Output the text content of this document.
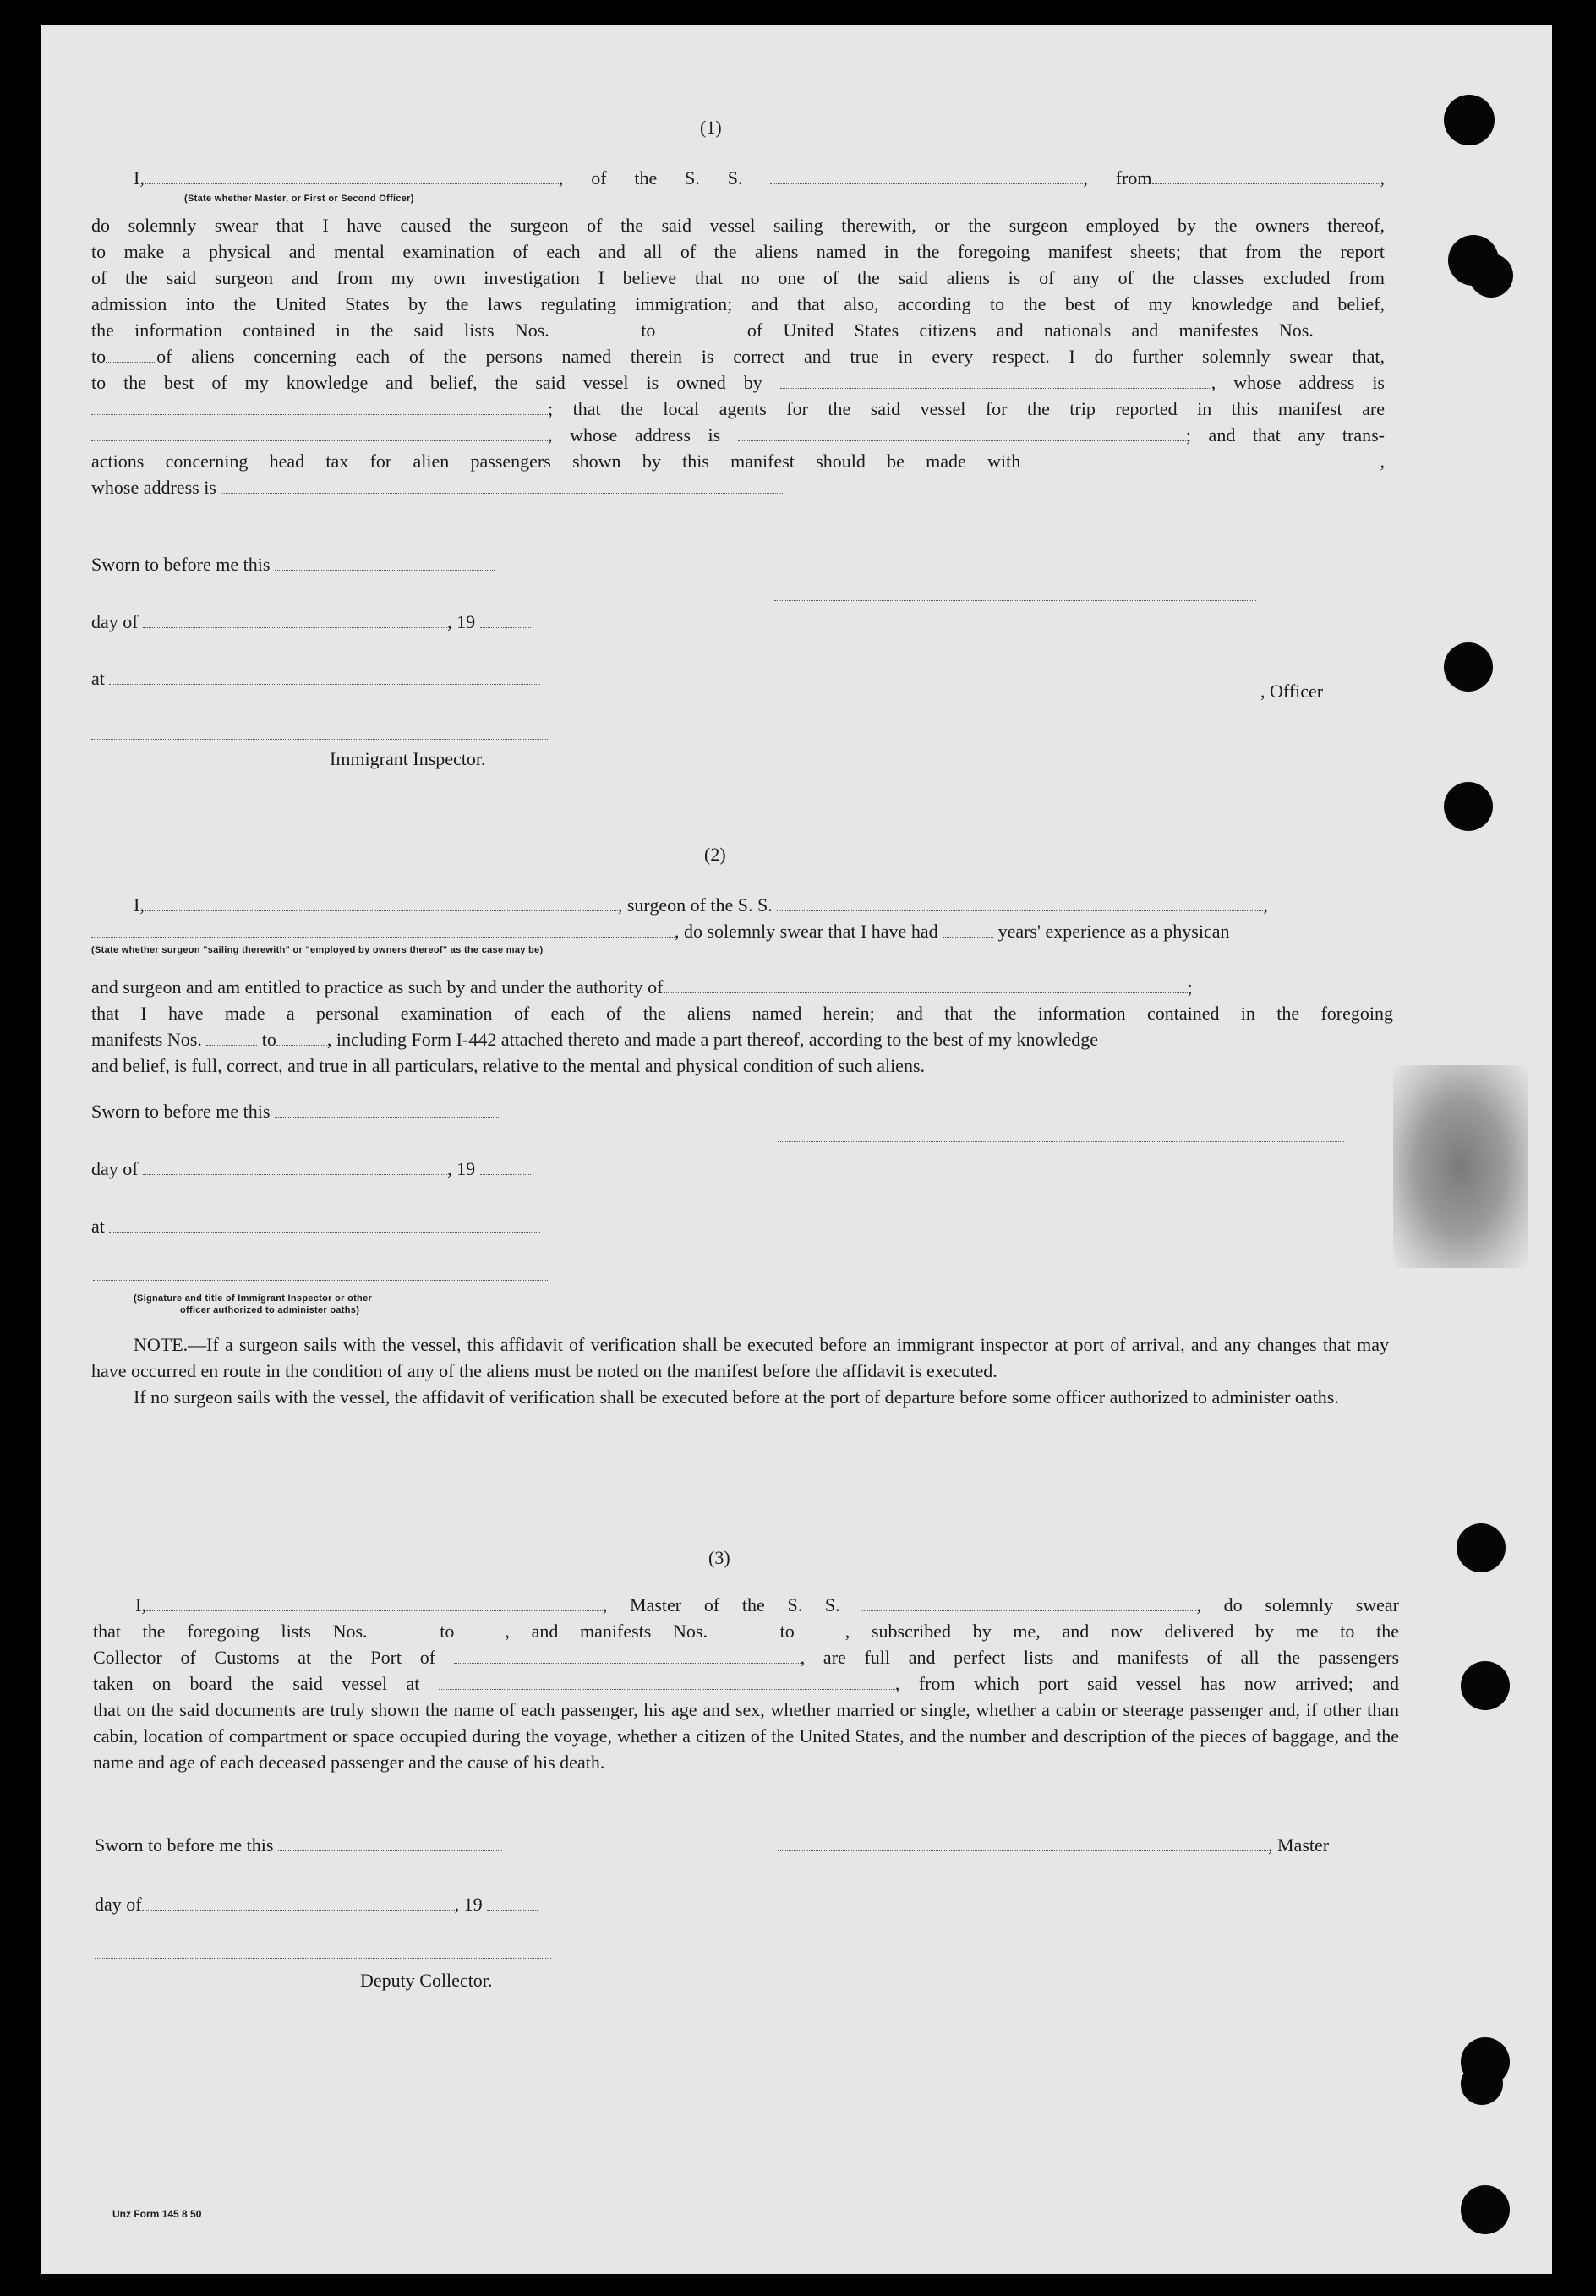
(1)
I,	, of the S. S.	, from	,
(State whether Master, or First or Second Officer)
do solemnly swear that I have caused the surgeon of the said vessel sailing therewith, or the surgeon employed by the owners thereof,
to make a physical and mental examination of each and all of the aliens named in the foregoing manifest sheets; that from the report
of the said surgeon and from my own investigation I believe that no one of the said aliens is of any of the classes excluded from
admission into the United States by the laws regulating immigration; and that also, according to the best of my knowledge and belief,
the information contained in the said lists Nos.	to	of United States citizens and nationals and manifestes Nos.
to	of aliens concerning each of the persons named therein is correct and true in every respect. I do further solemnly swear that,
to the best of my knowledge and belief, the said vessel is owned by	, whose address is
; that the local agents for the said vessel for the trip reported in this manifest are
, whose address is	; and that any trans-
actions concerning head tax for alien passengers shown by this manifest should be made with	,
whose address is
Sworn to before me this
day of	, 19
at
Immigrant Inspector.
, Officer
(2)
I,	, surgeon of the S. S.	,
, do solemnly swear that I have had	years' experience as a physican
(State whether surgeon "sailing therewith" or "employed by owners thereof" as the case may be)
and surgeon and am entitled to practice as such by and under the authority of	;
that I have made a personal examination of each of the aliens named herein; and that the information contained in the foregoing
manifests Nos.	to	, including Form I-442 attached thereto and made a part thereof, according to the best of my knowledge
and belief, is full, correct, and true in all particulars, relative to the mental and physical condition of such aliens.
Sworn to before me this
day of	, 19
at
(Signature and title of Immigrant Inspector or other
officer authorized to administer oaths)
NOTE.—If a surgeon sails with the vessel, this affidavit of verification shall be executed before an immigrant inspector at port of arrival, and any changes that may have occurred en route in the condition of any of the aliens must be noted on the manifest before the affidavit is executed.
If no surgeon sails with the vessel, the affidavit of verification shall be executed before at the port of departure before some officer authorized to administer oaths.
(3)
I,	, Master of the S. S.	, do solemnly swear
that the foregoing lists Nos.	to	, and manifests Nos.	to	, subscribed by me, and now delivered by me to the
Collector of Customs at the Port of	, are full and perfect lists and manifests of all the passengers
taken on board the said vessel at	, from which port said vessel has now arrived; and
that on the said documents are truly shown the name of each passenger, his age and sex, whether married or single, whether a cabin or steerage passenger and, if other than cabin, location of compartment or space occupied during the voyage, whether a citizen of the United States, and the number and description of the pieces of baggage, and the name and age of each deceased passenger and the cause of his death.
Sworn to before me this	, Master
day of	, 19
Deputy Collector.
Unz Form 145 8 50
